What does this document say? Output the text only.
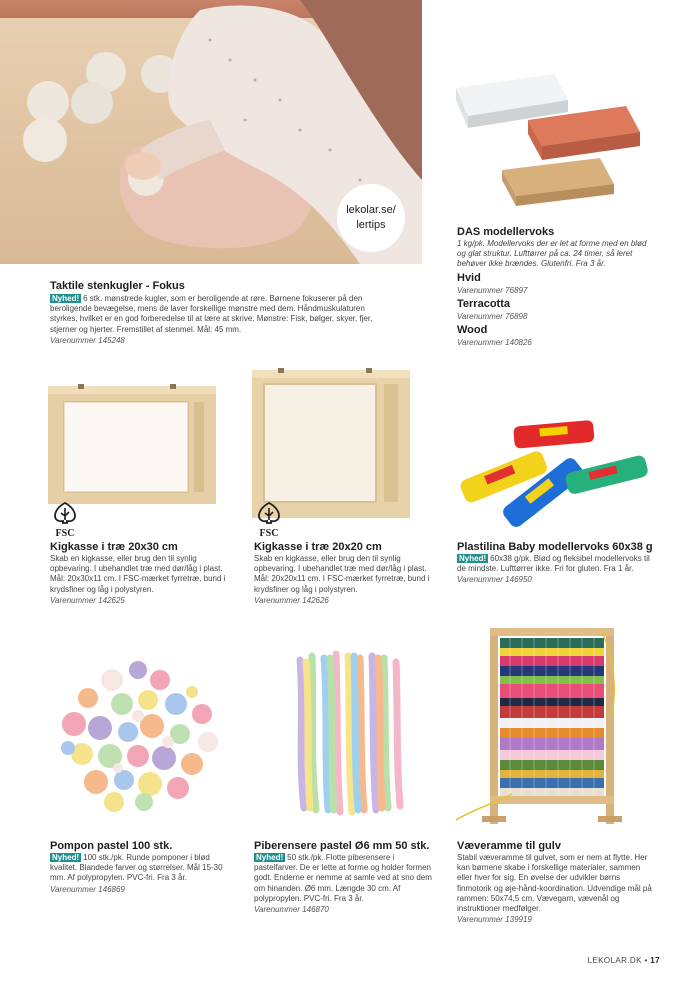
lekolar.se/
lertips
Taktile stenkugler - Fokus
Nyhed! 6 stk. mønstrede kugler, som er beroligende at røre. Børnene fokuserer på den beroligende bevægelse, mens de laver forskellige mønstre med dem. Håndmuskulaturen styrkes, hvilket er en god forberedelse til at lære at skrive. Mønstre: Fisk, bølger, skyer, fjer, stjerner og hjerter. Fremstillet af stenmel. Mål: 45 mm.
Varenummer 145248
DAS modellervoks
1 kg/pk. Modellervoks der er let at forme med en blød og glat struktur. Lufttørrer på ca. 24 timer, så leret behøver ikke brændes. Glutenfri. Fra 3 år.
Hvid
Varenummer 76897
Terracotta
Varenummer 76898
Wood
Varenummer 140826
FSC	FSC
Kigkasse i træ 20x30 cm
Skab en kigkasse, eller brug den til synlig opbevaring. I ubehandlet træ med dør/låg i plast. Mål: 20x30x11 cm. I FSC-mærket fyrretræ, bund i krydsfiner og låg i polystyren.
Varenummer 142625
Kigkasse i træ 20x20 cm
Skab en kigkasse, eller brug den til synlig opbevaring. I ubehandlet træ med dør/låg i plast. Mål: 20x20x11 cm. I FSC-mærket fyrretræ, bund i krydsfiner og låg i polystyren.
Varenummer 142626
Plastilina Baby modellervoks 60x38 g
Nyhed! 60x38 g/pk. Blød og fleksibel modellervoks til de mindste. Lufttørrer ikke. Fri for gluten. Fra 1 år.
Varenummer 146950
Pompon pastel 100 stk.
Nyhed! 100 stk./pk. Runde pomponer i blød kvalitet. Blandede farver og størrelser. Mål 15-30 mm. Af polypropylen. PVC-fri. Fra 3 år.
Varenummer 146869
Piberensere pastel Ø6 mm 50 stk.
Nyhed! 50 stk./pk. Flotte piberensere i pastelfarver. De er lette at forme og holder formen godt. Enderne er nemme at samle ved at sno dem om hinanden. Ø6 mm. Længde 30 cm. Af polypropylen. PVC-fri. Fra 3 år.
Varenummer 146870
Væveramme til gulv
Stabil væveramme til gulvet, som er nem at flytte. Her kan børnene skabe i forskellige materialer, sammen eller hver for sig. En øvelse der udvikler børns finmotorik og øje-hånd-koordination. Udvendige mål på rammen: 50x74,5 cm. Vævegarn, vævenål og instruktioner medfølger.
Varenummer 139919
LEKOLAR.DK • 17
